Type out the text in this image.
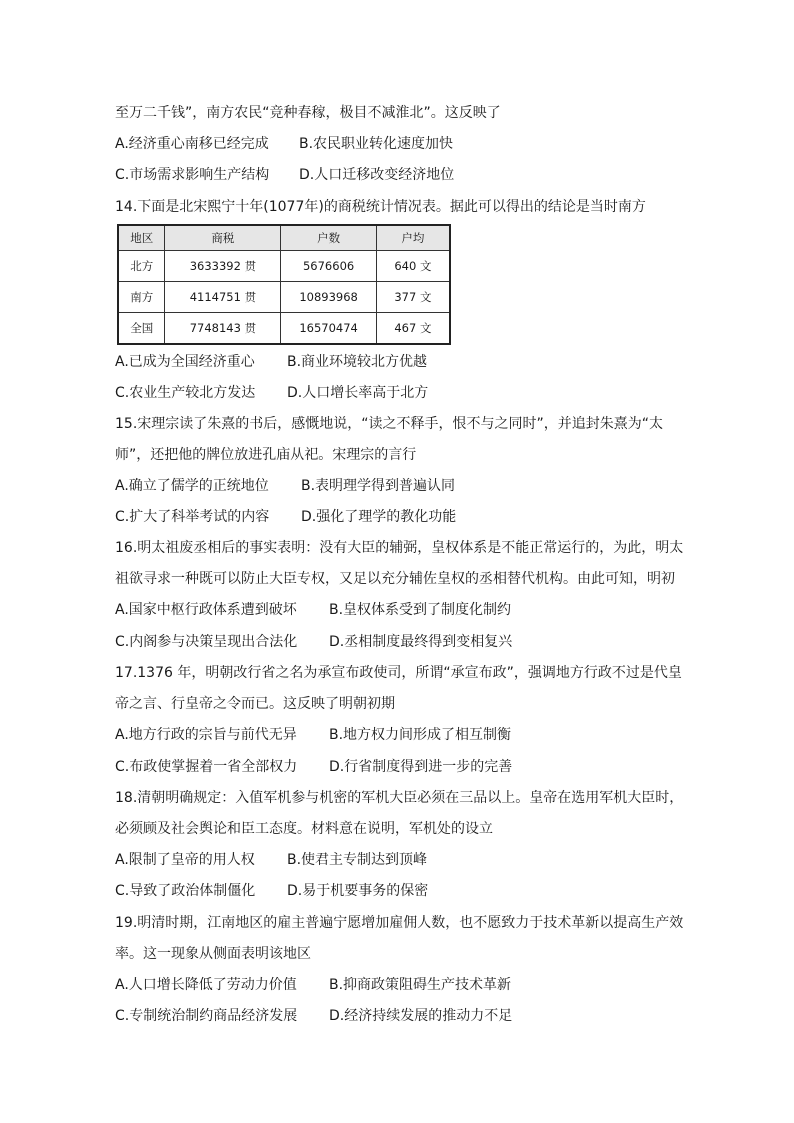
至万二千钱”，南方农民“竞种春稼，极目不减淮北”。这反映了
A.经济重心南移已经完成 B.农民职业转化速度加快
C.市场需求影响生产结构 D.人口迁移改变经济地位
14.下面是北宋熙宁十年(1077年)的商税统计情况表。据此可以得出的结论是当时南方
地区	商税	户数	户均
北方	3633392 贯	5676606	640 文
南方	4114751 贯	10893968	377 文
全国	7748143 贯	16570474	467 文
A.已成为全国经济重心 B.商业环境较北方优越
C.农业生产较北方发达 D.人口增长率高于北方
15.宋理宗读了朱熹的书后，感慨地说，“读之不释手，恨不与之同时”，并追封朱熹为“太
师”，还把他的牌位放进孔庙从祀。宋理宗的言行
A.确立了儒学的正统地位 B.表明理学得到普遍认同
C.扩大了科举考试的内容 D.强化了理学的教化功能
16.明太祖废丞相后的事实表明：没有大臣的辅弼，皇权体系是不能正常运行的，为此，明太
祖欲寻求一种既可以防止大臣专权，又足以充分辅佐皇权的丞相替代机构。由此可知，明初
A.国家中枢行政体系遭到破坏 B.皇权体系受到了制度化制约
C.内阁参与决策呈现出合法化 D.丞相制度最终得到变相复兴
17.1376 年，明朝改行省之名为承宣布政使司，所谓“承宣布政”，强调地方行政不过是代皇
帝之言、行皇帝之令而已。这反映了明朝初期
A.地方行政的宗旨与前代无异 B.地方权力间形成了相互制衡
C.布政使掌握着一省全部权力 D.行省制度得到进一步的完善
18.清朝明确规定：入值军机参与机密的军机大臣必须在三品以上。皇帝在选用军机大臣时，
必须顾及社会舆论和臣工态度。材料意在说明，军机处的设立
A.限制了皇帝的用人权 B.使君主专制达到顶峰
C.导致了政治体制僵化 D.易于机要事务的保密
19.明清时期，江南地区的雇主普遍宁愿增加雇佣人数，也不愿致力于技术革新以提高生产效
率。这一现象从侧面表明该地区
A.人口增长降低了劳动力价值 B.抑商政策阻碍生产技术革新
C.专制统治制约商品经济发展 D.经济持续发展的推动力不足
